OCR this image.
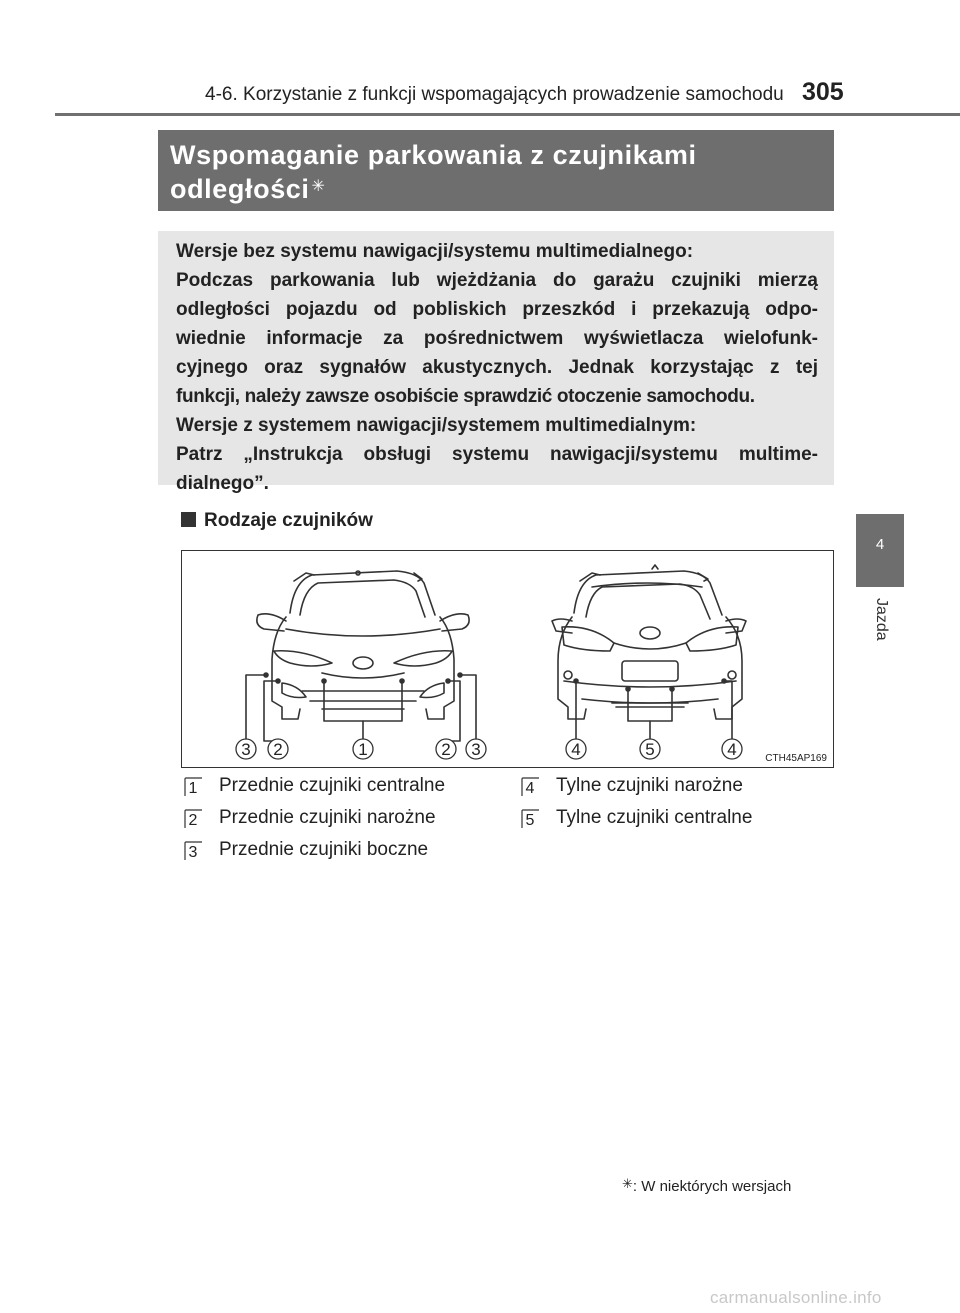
4-6. Korzystanie z funkcji wspomagających prowadzenie samochodu 305
Wspomaganie parkowania z czujnikami odległości ✳
Wersje bez systemu nawigacji/systemu multimedialnego:
Podczas parkowania lub wjeżdżania do garażu czujniki mierzą
odległości pojazdu od pobliskich przeszkód i przekazują odpo-
wiednie informacje za pośrednictwem wyświetlacza wielofunk-
cyjnego oraz sygnałów akustycznych. Jednak korzystając z tej
funkcji, należy zawsze osobiście sprawdzić otoczenie samochodu.
Wersje z systemem nawigacji/systemem multimedialnym:
Patrz „Instrukcja obsługi systemu nawigacji/systemu multime-
dialnego”.
Rodzaje czujników
3 2	1	2 3	4	5	4	CTH45AP169
1 Przednie czujniki centralne
2 Przednie czujniki narożne
3 Przednie czujniki boczne
4 Tylne czujniki narożne
5 Tylne czujniki centralne
4
Jazda
✳: W niektórych wersjach
carmanualsonline.info
